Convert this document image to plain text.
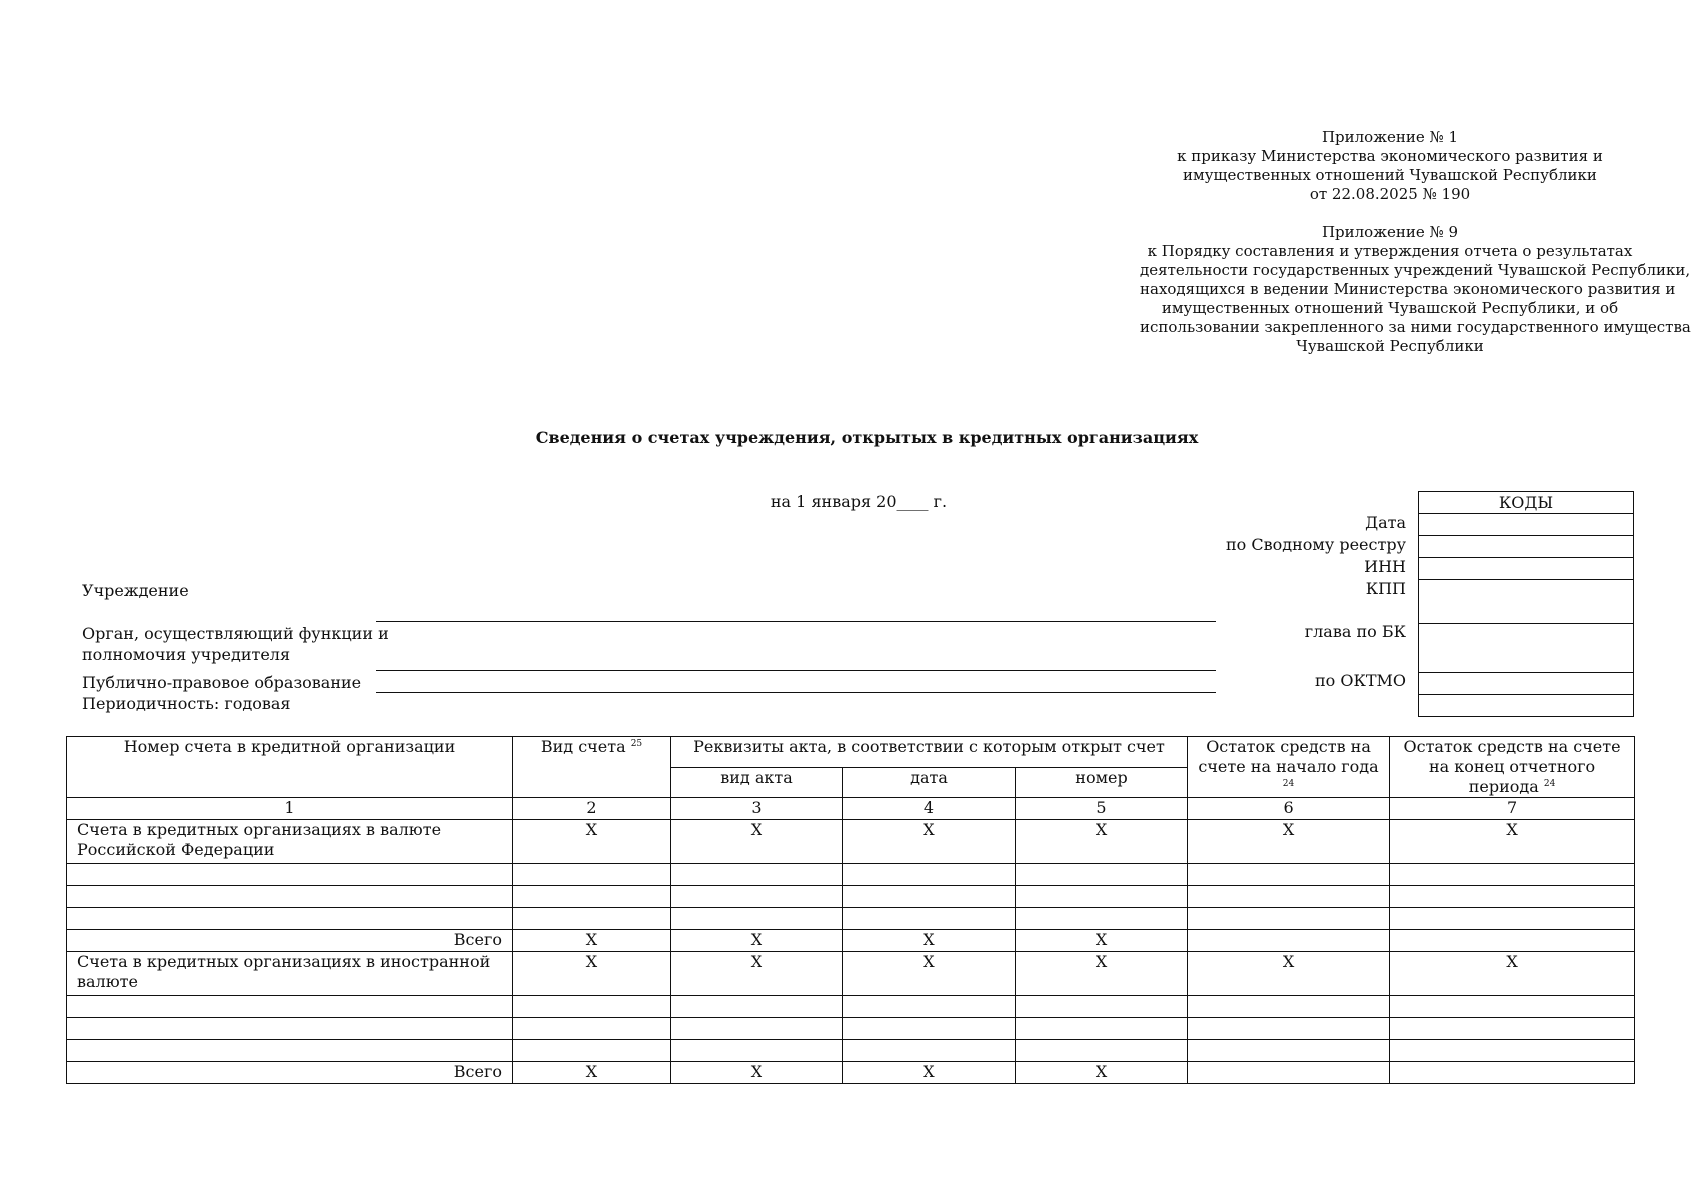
Приложение № 1
к приказу Министерства экономического развития и
имущественных отношений Чувашской Республики
от 22.08.2025 № 190
Приложение № 9
к Порядку составления и утверждения отчета о результатах
деятельности государственных учреждений Чувашской Республики,
находящихся в ведении Министерства экономического развития и
имущественных отношений Чувашской Республики, и об
использовании закрепленного за ними государственного имущества
Чувашской Республики
Сведения о счетах учреждения, открытых в кредитных организациях
на 1 января 20____ г.
Учреждение
Орган, осуществляющий функции и
полномочия учредителя
Публично-правовое образование
Периодичность: годовая
Дата
по Сводному реестру
ИНН
КПП
глава по БК
по ОКТМО
КОДЫ

Номер счета в кредитной организации	Вид счета $^{25}$	Реквизиты акта, в соответствии с которым открыт счет			Остаток средств на счете на начало года $^{24}$	Остаток средств на счете на конец отчетного периода $^{24}$
		вид акта	дата	номер		
1	2	3	4	5	6	7
Счета в кредитных организациях в валюте Российской Федерации	X	X	X	X	X	X

Всего	X	X	X	X		
Счета в кредитных организациях в иностранной валюте	X	X	X	X	X	X

Всего	X	X	X	X		
